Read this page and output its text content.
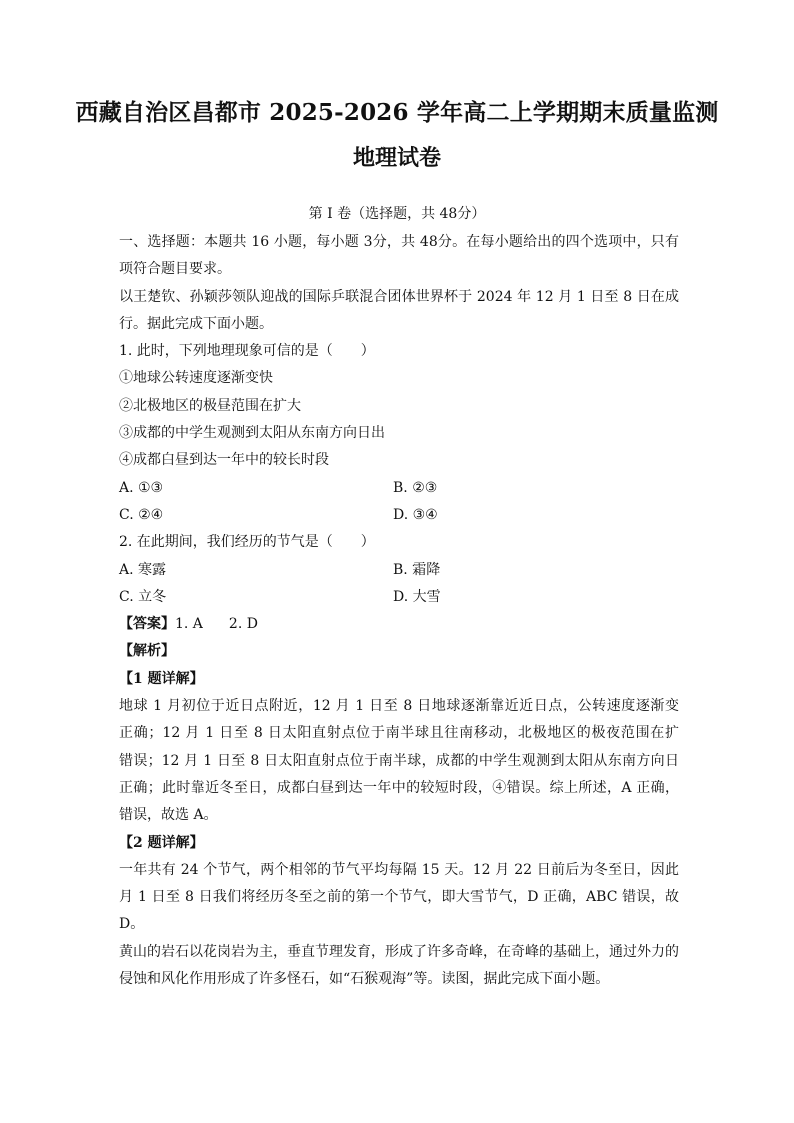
西藏自治区昌都市 2025-2026 学年高二上学期期末质量监测
地理试卷
第 I 卷（选择题，共 48分）
一、选择题：本题共 16 小题，每小题 3分，共 48分。在每小题给出的四个选项中，只有
项符合题目要求。
以王楚钦、孙颖莎领队迎战的国际乒联混合团体世界杯于 2024 年 12 月 1 日至 8 日在成
行。据此完成下面小题。
1. 此时，下列地理现象可信的是（　　）
①地球公转速度逐渐变快
②北极地区的极昼范围在扩大
③成都的中学生观测到太阳从东南方向日出
④成都白昼到达一年中的较长时段
A. ①③	B. ②③
C. ②④	D. ③④
2. 在此期间，我们经历的节气是（　　）
A. 寒露	B. 霜降
C. 立冬	D. 大雪
【答案】1. A 2. D
【解析】
【1 题详解】
地球 1 月初位于近日点附近，12 月 1 日至 8 日地球逐渐靠近近日点，公转速度逐渐变
正确；12 月 1 日至 8 日太阳直射点位于南半球且往南移动，北极地区的极夜范围在扩
错误；12 月 1 日至 8 日太阳直射点位于南半球，成都的中学生观测到太阳从东南方向日
正确；此时靠近冬至日，成都白昼到达一年中的较短时段，④错误。综上所述，A 正确，
错误，故选 A。
【2 题详解】
一年共有 24 个节气，两个相邻的节气平均每隔 15 天。12 月 22 日前后为冬至日，因此
月 1 日至 8 日我们将经历冬至之前的第一个节气，即大雪节气，D 正确，ABC 错误，故
D。
黄山的岩石以花岗岩为主，垂直节理发育，形成了许多奇峰，在奇峰的基础上，通过外力的
侵蚀和风化作用形成了许多怪石，如“石猴观海”等。读图，据此完成下面小题。
